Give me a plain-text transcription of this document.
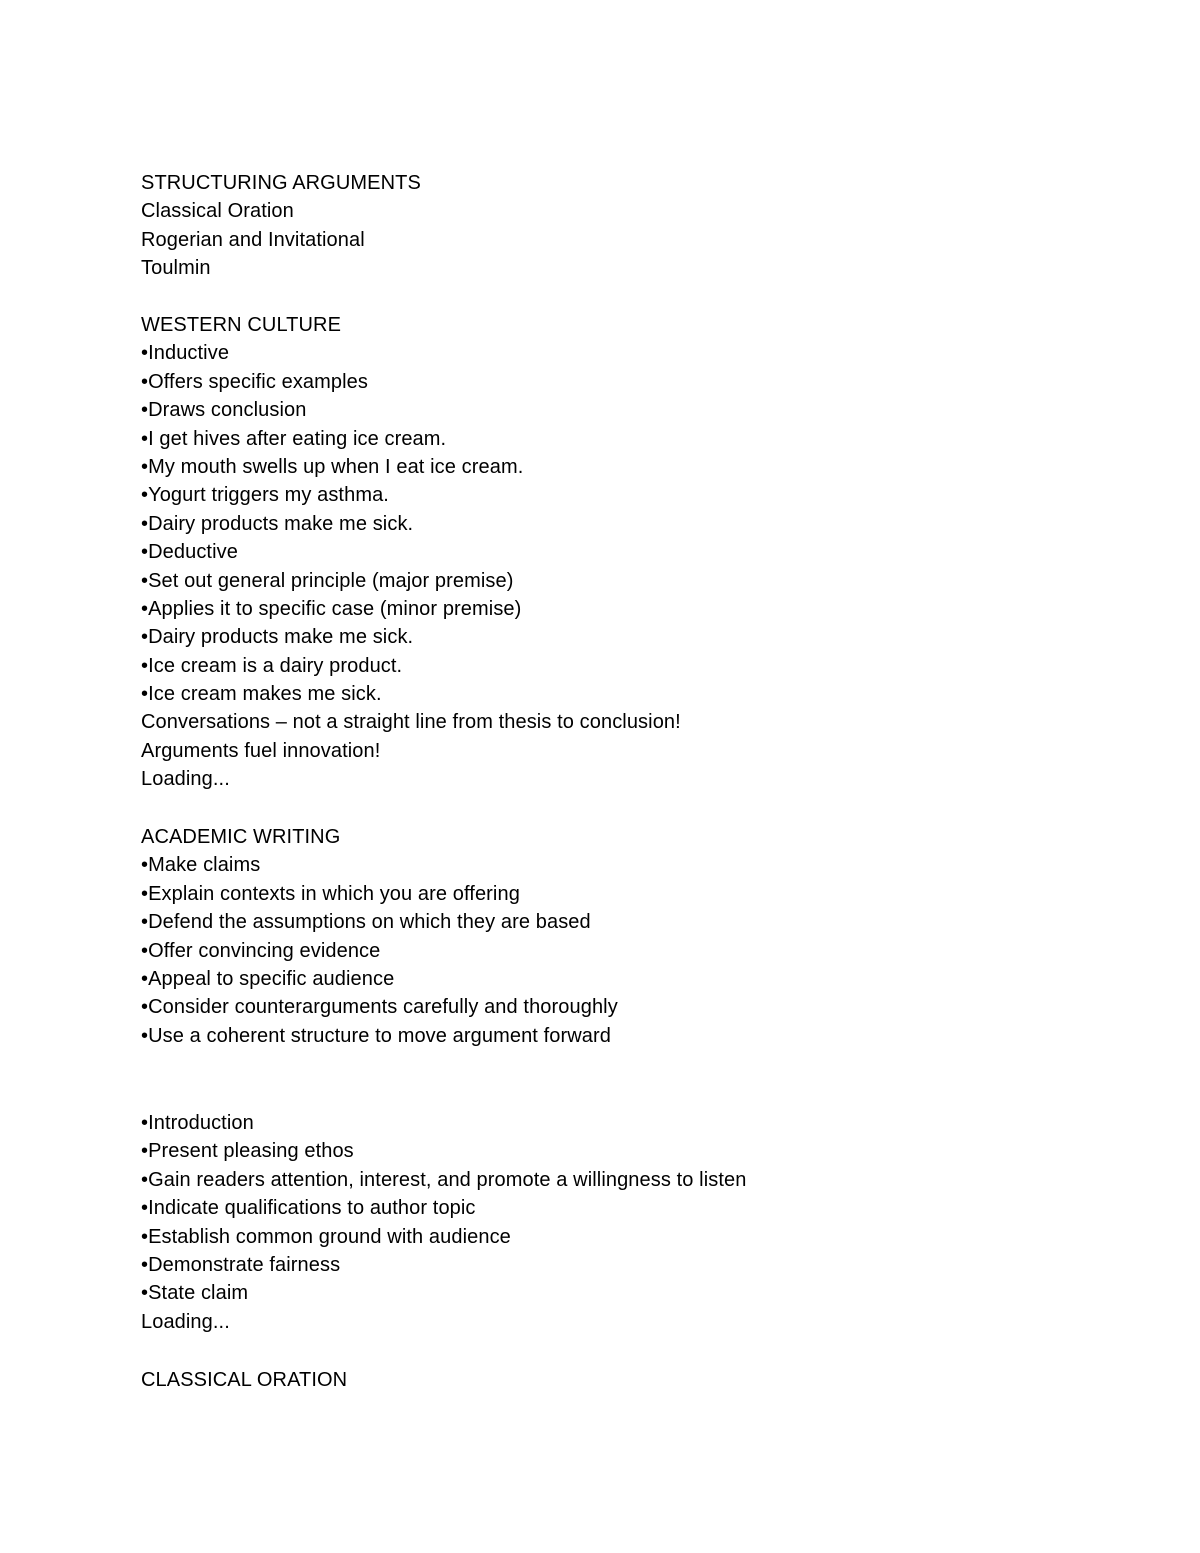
STRUCTURING ARGUMENTS
Classical Oration
Rogerian and Invitational
Toulmin
WESTERN CULTURE
•Inductive
•Offers specific examples
•Draws conclusion
•I get hives after eating ice cream.
•My mouth swells up when I eat ice cream.
•Yogurt triggers my asthma.
•Dairy products make me sick.
•Deductive
•Set out general principle (major premise)
•Applies it to specific case (minor premise)
•Dairy products make me sick.
•Ice cream is a dairy product.
•Ice cream makes me sick.
Conversations – not a straight line from thesis to conclusion!
Arguments fuel innovation!
Loading...
ACADEMIC WRITING
•Make claims
•Explain contexts in which you are offering
•Defend the assumptions on which they are based
•Offer convincing evidence
•Appeal to specific audience
•Consider counterarguments carefully and thoroughly
•Use a coherent structure to move argument forward
•Introduction
•Present pleasing ethos
•Gain readers attention, interest, and promote a willingness to listen
•Indicate qualifications to author topic
•Establish common ground with audience
•Demonstrate fairness
•State claim
Loading...
CLASSICAL ORATION
